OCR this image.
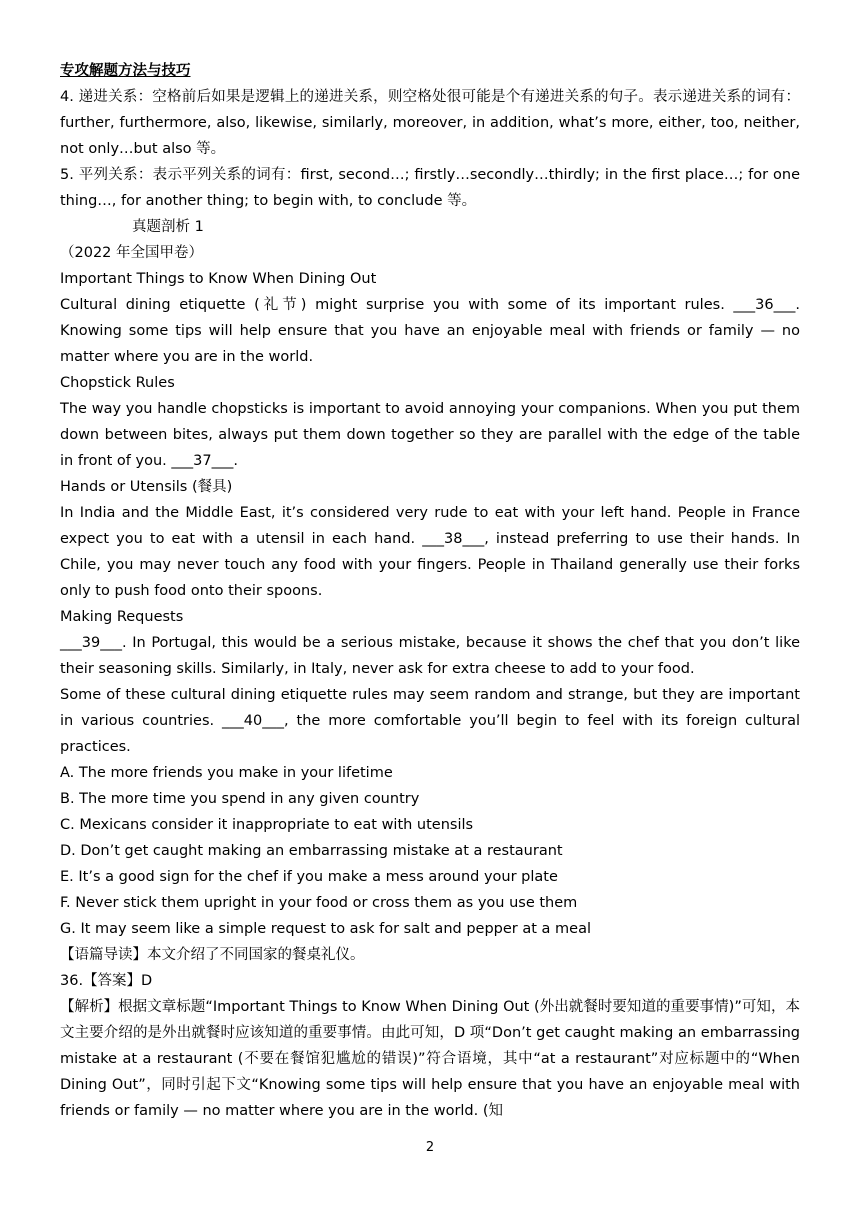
专攻解题方法与技巧

4. 递进关系：空格前后如果是逻辑上的递进关系，则空格处很可能是个有递进关系的句子。表示递进关系的词有：further, furthermore, also, likewise, similarly, moreover, in addition, what’s more, either, too, neither, not only…but also 等。

5. 平列关系：表示平列关系的词有：first, second…; firstly…secondly…thirdly; in the first place…; for one thing…, for another thing; to begin with, to conclude 等。

真题剖析 1

（2022 年全国甲卷）

Important Things to Know When Dining Out

Cultural dining etiquette (礼节) might surprise you with some of its important rules. ___36___. Knowing some tips will help ensure that you have an enjoyable meal with friends or family — no matter where you are in the world.

Chopstick Rules

The way you handle chopsticks is important to avoid annoying your companions. When you put them down between bites, always put them down together so they are parallel with the edge of the table in front of you. ___37___.

Hands or Utensils (餐具)

In India and the Middle East, it’s considered very rude to eat with your left hand. People in France expect you to eat with a utensil in each hand. ___38___, instead preferring to use their hands. In Chile, you may never touch any food with your fingers. People in Thailand generally use their forks only to push food onto their spoons.

Making Requests

___39___. In Portugal, this would be a serious mistake, because it shows the chef that you don’t like their seasoning skills. Similarly, in Italy, never ask for extra cheese to add to your food.

Some of these cultural dining etiquette rules may seem random and strange, but they are important in various countries. ___40___, the more comfortable you’ll begin to feel with its foreign cultural practices.

A. The more friends you make in your lifetime

B. The more time you spend in any given country

C. Mexicans consider it inappropriate to eat with utensils

D. Don’t get caught making an embarrassing mistake at a restaurant

E. It’s a good sign for the chef if you make a mess around your plate

F. Never stick them upright in your food or cross them as you use them

G. It may seem like a simple request to ask for salt and pepper at a meal

【语篇导读】本文介绍了不同国家的餐桌礼仪。

36.【答案】D

【解析】根据文章标题“Important Things to Know When Dining Out (外出就餐时要知道的重要事情)”可知，本文主要介绍的是外出就餐时应该知道的重要事情。由此可知，D 项“Don’t get caught making an embarrassing mistake at a restaurant (不要在餐馆犯尴尬的错误)”符合语境，其中“at a restaurant”对应标题中的“When Dining Out”，同时引起下文“Knowing some tips will help ensure that you have an enjoyable meal with friends or family — no matter where you are in the world. (知

2
